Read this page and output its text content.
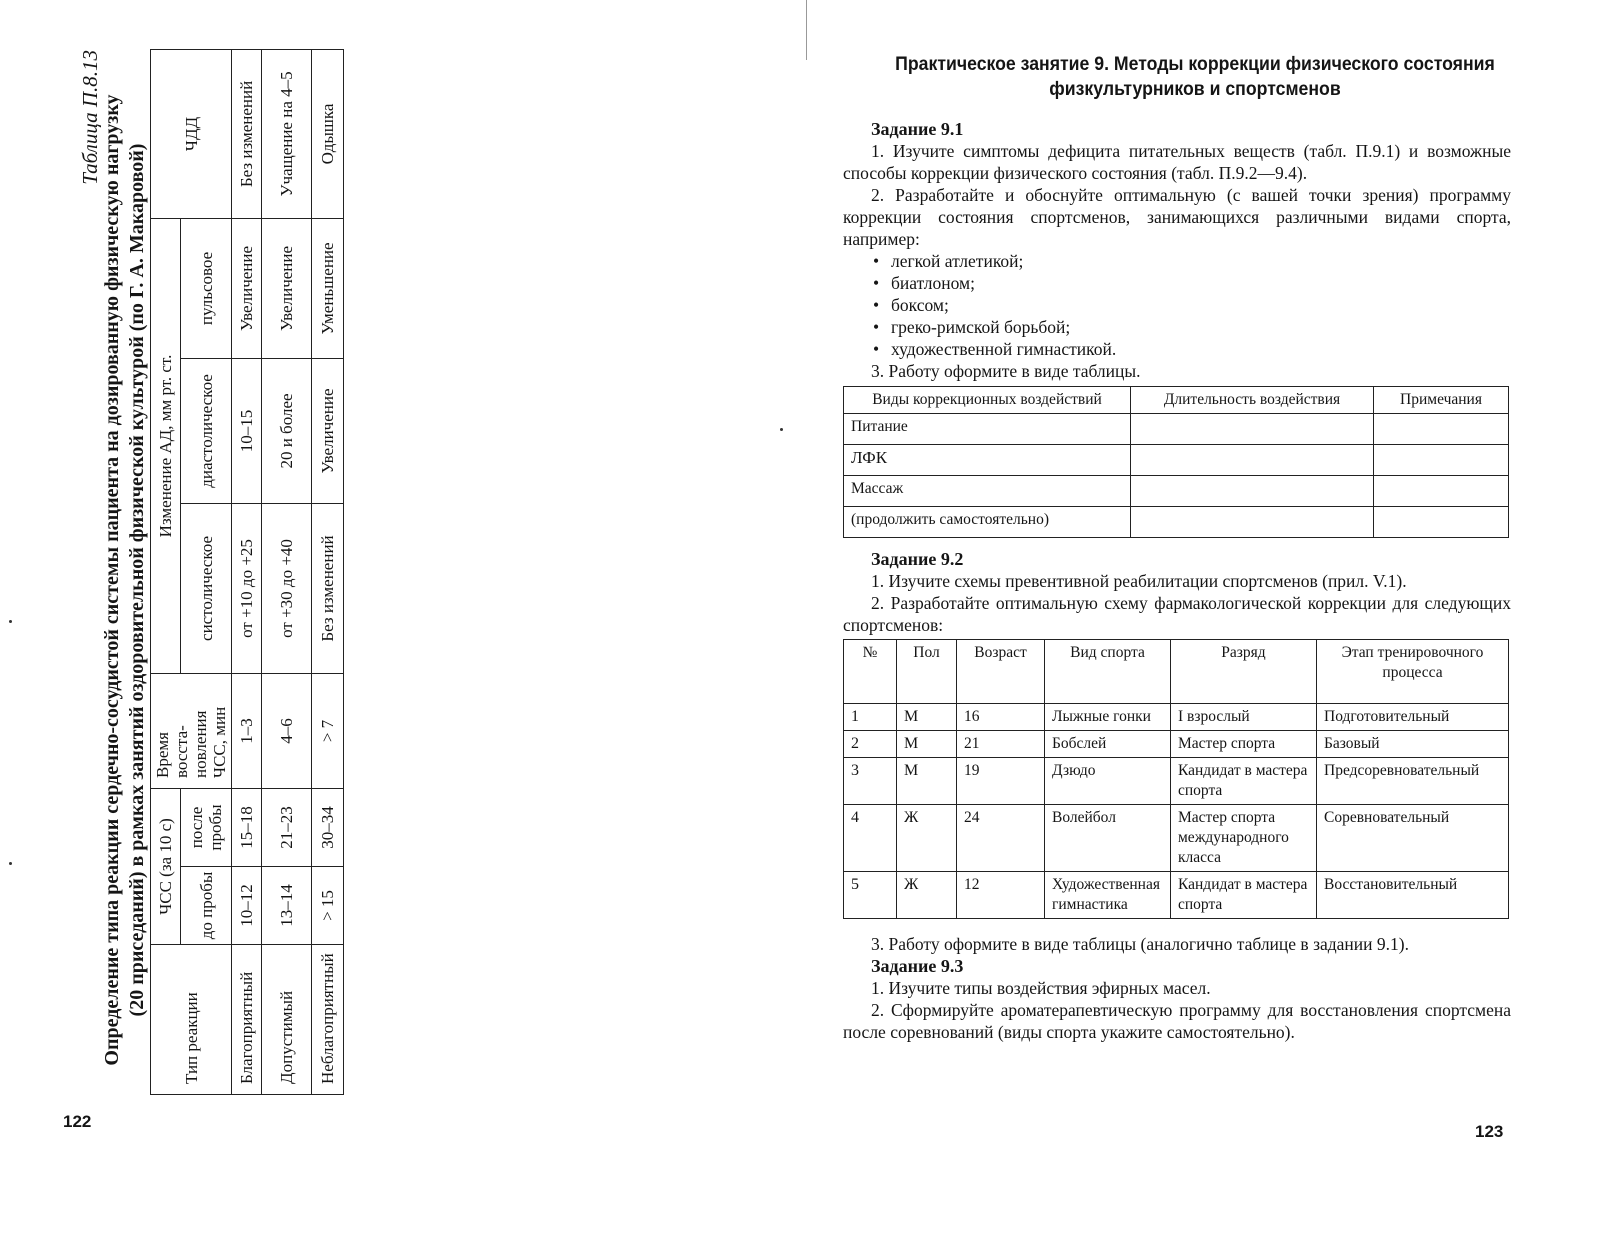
Таблица П.8.13 Определение типа реакции сердечно-сосудистой системы пациента на дозированную физическую нагрузку (20 приседаний) в рамках занятий оздоровительной физической культурой (по Г. А. Макаровой)
Тип реакции	ЧСС (за 10 с)		Время восста-новления ЧСС, мин	Изменение АД, мм рт. ст.			ЧДД
	до пробы	после пробы		систолическое	диастолическое	пульсовое	
Благоприятный	10–12	15–18	1–3	от +10 до +25	10–15	Увеличение	Без изменений
Допустимый	13–14	21–23	4–6	от +30 до +40	20 и более	Увеличение	Учащение на 4–5
Неблагоприятный	> 15	30–34	> 7	Без изменений	Увеличение	Уменьшение	Одышка
122
Практическое занятие 9. Методы коррекции физического состояния
физкультурников и спортсменов
Задание 9.1

1. Изучите симптомы дефицита питательных веществ (табл. П.9.1) и возможные способы коррекции физического состояния (табл. П.9.2—9.4).

2. Разработайте и обоснуйте оптимальную (с вашей точки зрения) программу коррекции состояния спортсменов, занимающихся различными видами спорта, например:

• легкой атлетикой;
• биатлоном;
• боксом;
• греко-римской борьбой;
• художественной гимнастикой.

3. Работу оформите в виде таблицы.

Виды коррекционных воздействий	Длительность воздействия	Примечания
Питание		
ЛФК		
Массаж		
(продолжить самостоятельно)		
Задание 9.2

1. Изучите схемы превентивной реабилитации спортсменов (прил. V.1).

2. Разработайте оптимальную схему фармакологической коррекции для следующих спортсменов:

№	Пол	Возраст	Вид спорта	Разряд	Этап тренировочного процесса
1	М	16	Лыжные гонки	I взрослый	Подготовительный
2	М	21	Бобслей	Мастер спорта	Базовый
3	М	19	Дзюдо	Кандидат в мастера спорта	Предсоревновательный
4	Ж	24	Волейбол	Мастер спорта международного класса	Соревновательный
5	Ж	12	Художественная гимнастика	Кандидат в мастера спорта	Восстановительный

3. Работу оформите в виде таблицы (аналогично таблице в задании 9.1).

Задание 9.3

1. Изучите типы воздействия эфирных масел.

2. Сформируйте ароматерапевтическую программу для восстановления спортсмена после соревнований (виды спорта укажите самостоятельно).

123
